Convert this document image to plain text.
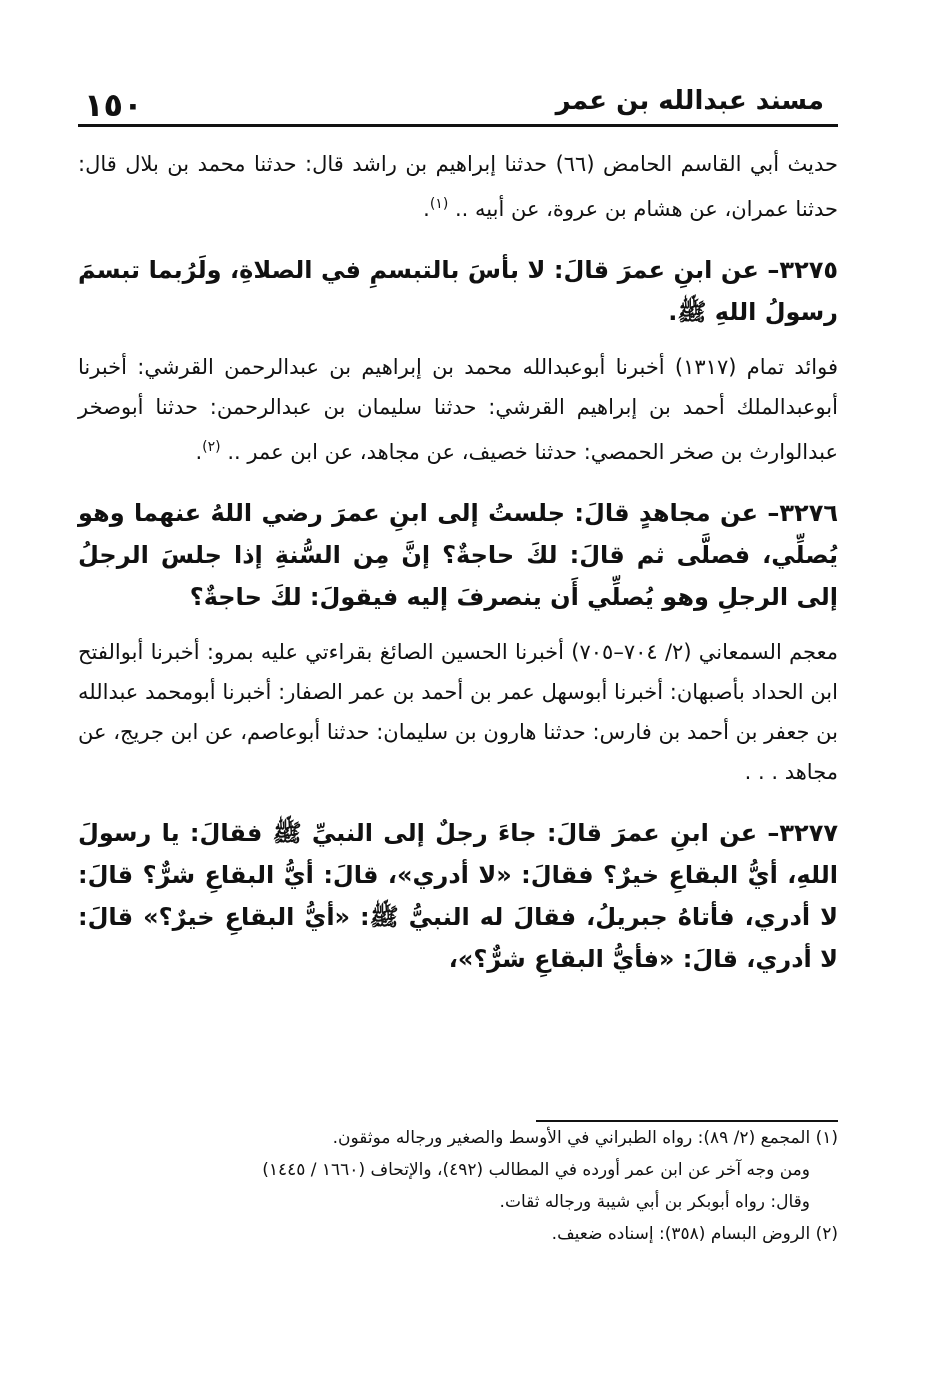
١٥٠	مسند عبدالله بن عمر

حديث أبي القاسم الحامض (٦٦) حدثنا إبراهيم بن راشد قال: حدثنا محمد بن بلال قال: حدثنا عمران، عن هشام بن عروة، عن أبيه .. $^{(١)}$.

٣٢٧٥– عن ابنِ عمرَ قالَ: لا بأسَ بالتبسمِ في الصلاةِ، ولَرُبما تبسمَ رسولُ اللهِ ﷺ.

فوائد تمام (١٣١٧) أخبرنا أبوعبدالله محمد بن إبراهيم بن عبدالرحمن القرشي: أخبرنا أبوعبدالملك أحمد بن إبراهيم القرشي: حدثنا سليمان بن عبدالرحمن: حدثنا أبوصخر عبدالوارث بن صخر الحمصي: حدثنا خصيف، عن مجاهد، عن ابن عمر .. $^{(٢)}$.

٣٢٧٦– عن مجاهدٍ قالَ: جلستُ إلى ابنِ عمرَ رضي اللهُ عنهما وهو يُصلِّي، فصلَّى ثم قالَ: لكَ حاجةٌ؟ إنَّ مِن السُّنةِ إذا جلسَ الرجلُ إلى الرجلِ وهو يُصلِّي أَن ينصرفَ إليه فيقولَ: لكَ حاجةٌ؟

معجم السمعاني (٢/ ٧٠٤–٧٠٥) أخبرنا الحسين الصائغ بقراءتي عليه بمرو: أخبرنا أبوالفتح ابن الحداد بأصبهان: أخبرنا أبوسهل عمر بن أحمد بن عمر الصفار: أخبرنا أبومحمد عبدالله بن جعفر بن أحمد بن فارس: حدثنا هارون بن سليمان: حدثنا أبوعاصم، عن ابن جريج، عن مجاهد . . .

٣٢٧٧– عن ابنِ عمرَ قالَ: جاءَ رجلٌ إلى النبيِّ ﷺ فقالَ: يا رسولَ اللهِ، أيُّ البقاعِ خيرٌ؟ فقالَ: «لا أدري»، قالَ: أيُّ البقاعِ شرٌّ؟ قالَ: لا أدري، فأتاهُ جبريلُ، فقالَ له النبيُّ ﷺ: «أيُّ البقاعِ خيرٌ؟» قالَ: لا أدري، قالَ: «فأيُّ البقاعِ شرٌّ؟»،

(١) المجمع (٢/ ٨٩): رواه الطبراني في الأوسط والصغير ورجاله موثقون.

ومن وجه آخر عن ابن عمر أورده في المطالب (٤٩٢)، والإتحاف (١٦٦٠ / ١٤٤٥)

وقال: رواه أبوبكر بن أبي شيبة ورجاله ثقات.

(٢) الروض البسام (٣٥٨): إسناده ضعيف.
